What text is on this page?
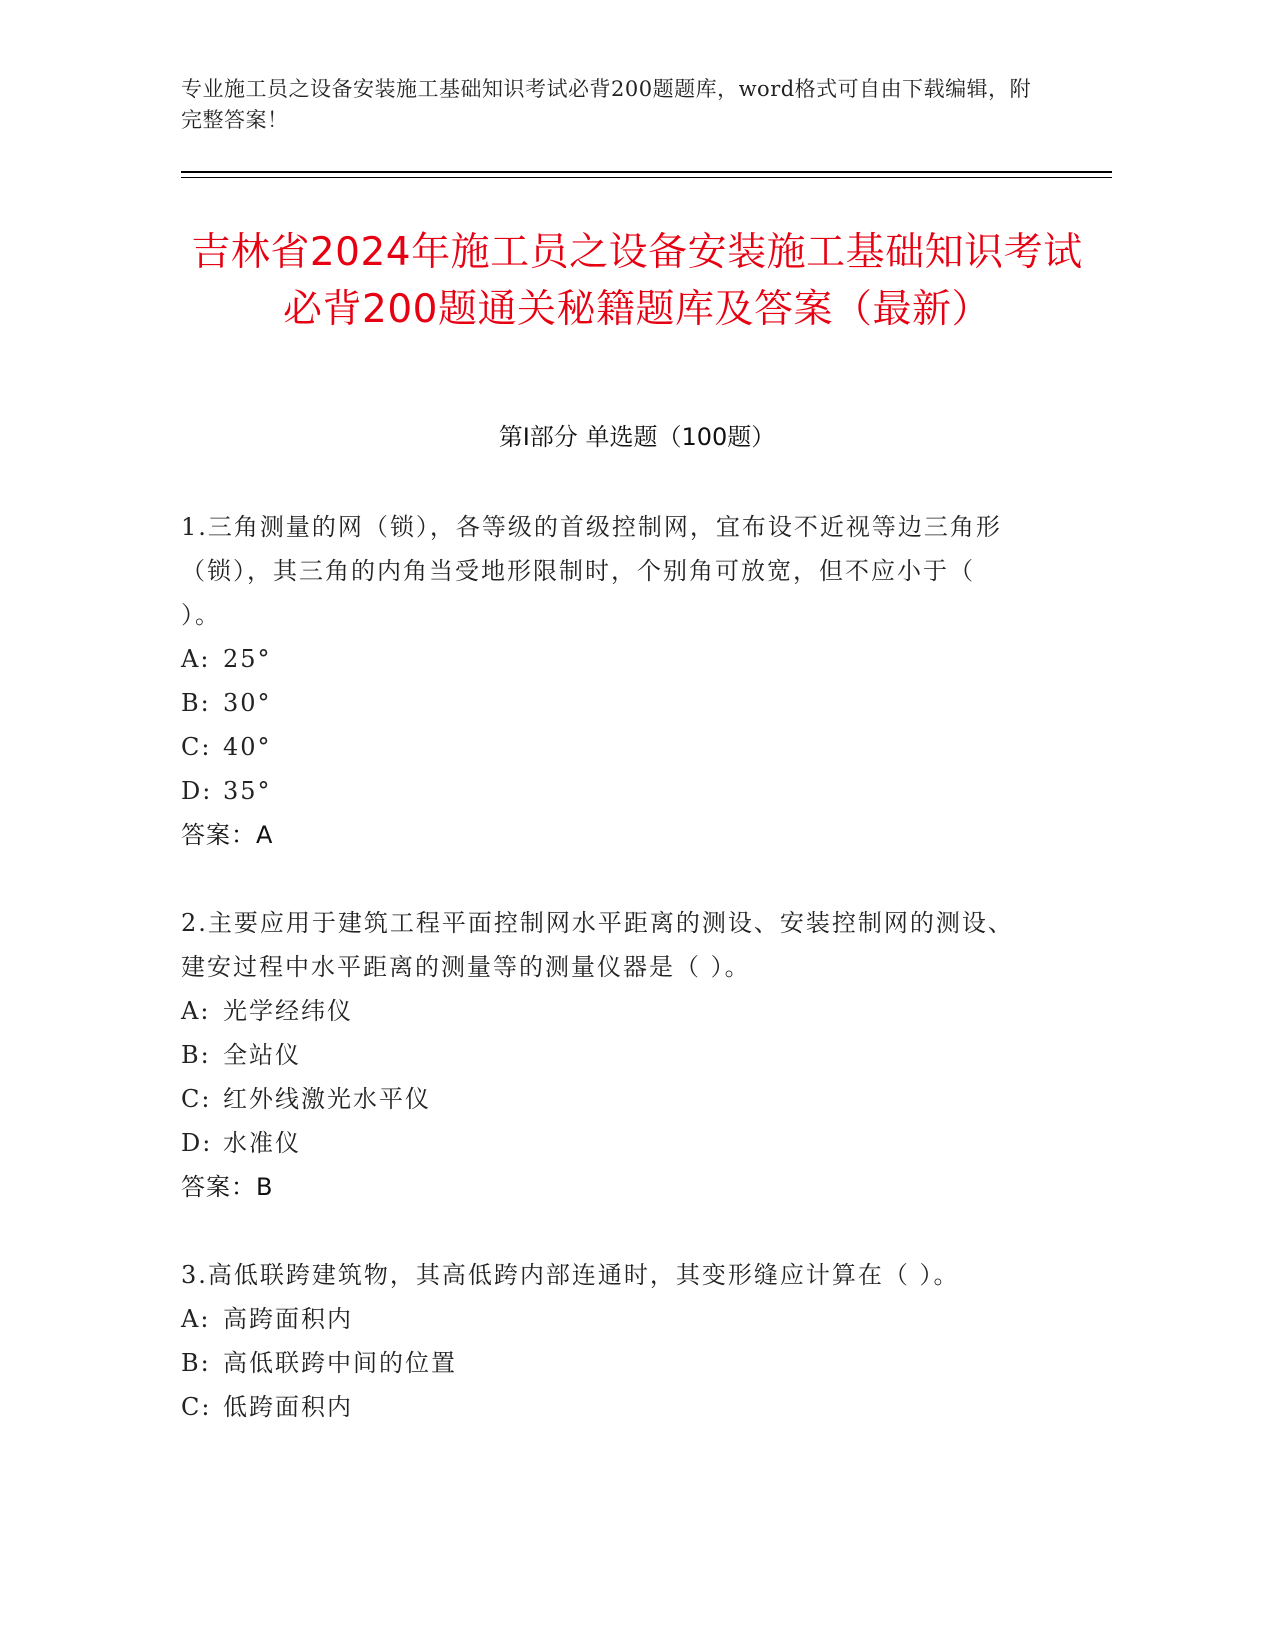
专业施工员之设备安装施工基础知识考试必背200题题库，word格式可自由下载编辑，附完整答案！
吉林省2024年施工员之设备安装施工基础知识考试必背200题通关秘籍题库及答案（最新）
第I部分 单选题（100题）
1.三角测量的网（锁），各等级的首级控制网，宜布设不近视等边三角形（锁），其三角的内角当受地形限制时，个别角可放宽，但不应小于（ ）。
A: 25°
B: 30°
C: 40°
D: 35°
答案：A
2.主要应用于建筑工程平面控制网水平距离的测设、安装控制网的测设、建安过程中水平距离的测量等的测量仪器是（ ）。
A: 光学经纬仪
B: 全站仪
C: 红外线激光水平仪
D: 水准仪
答案：B
3.高低联跨建筑物，其高低跨内部连通时，其变形缝应计算在（ ）。
A: 高跨面积内
B: 高低联跨中间的位置
C: 低跨面积内
